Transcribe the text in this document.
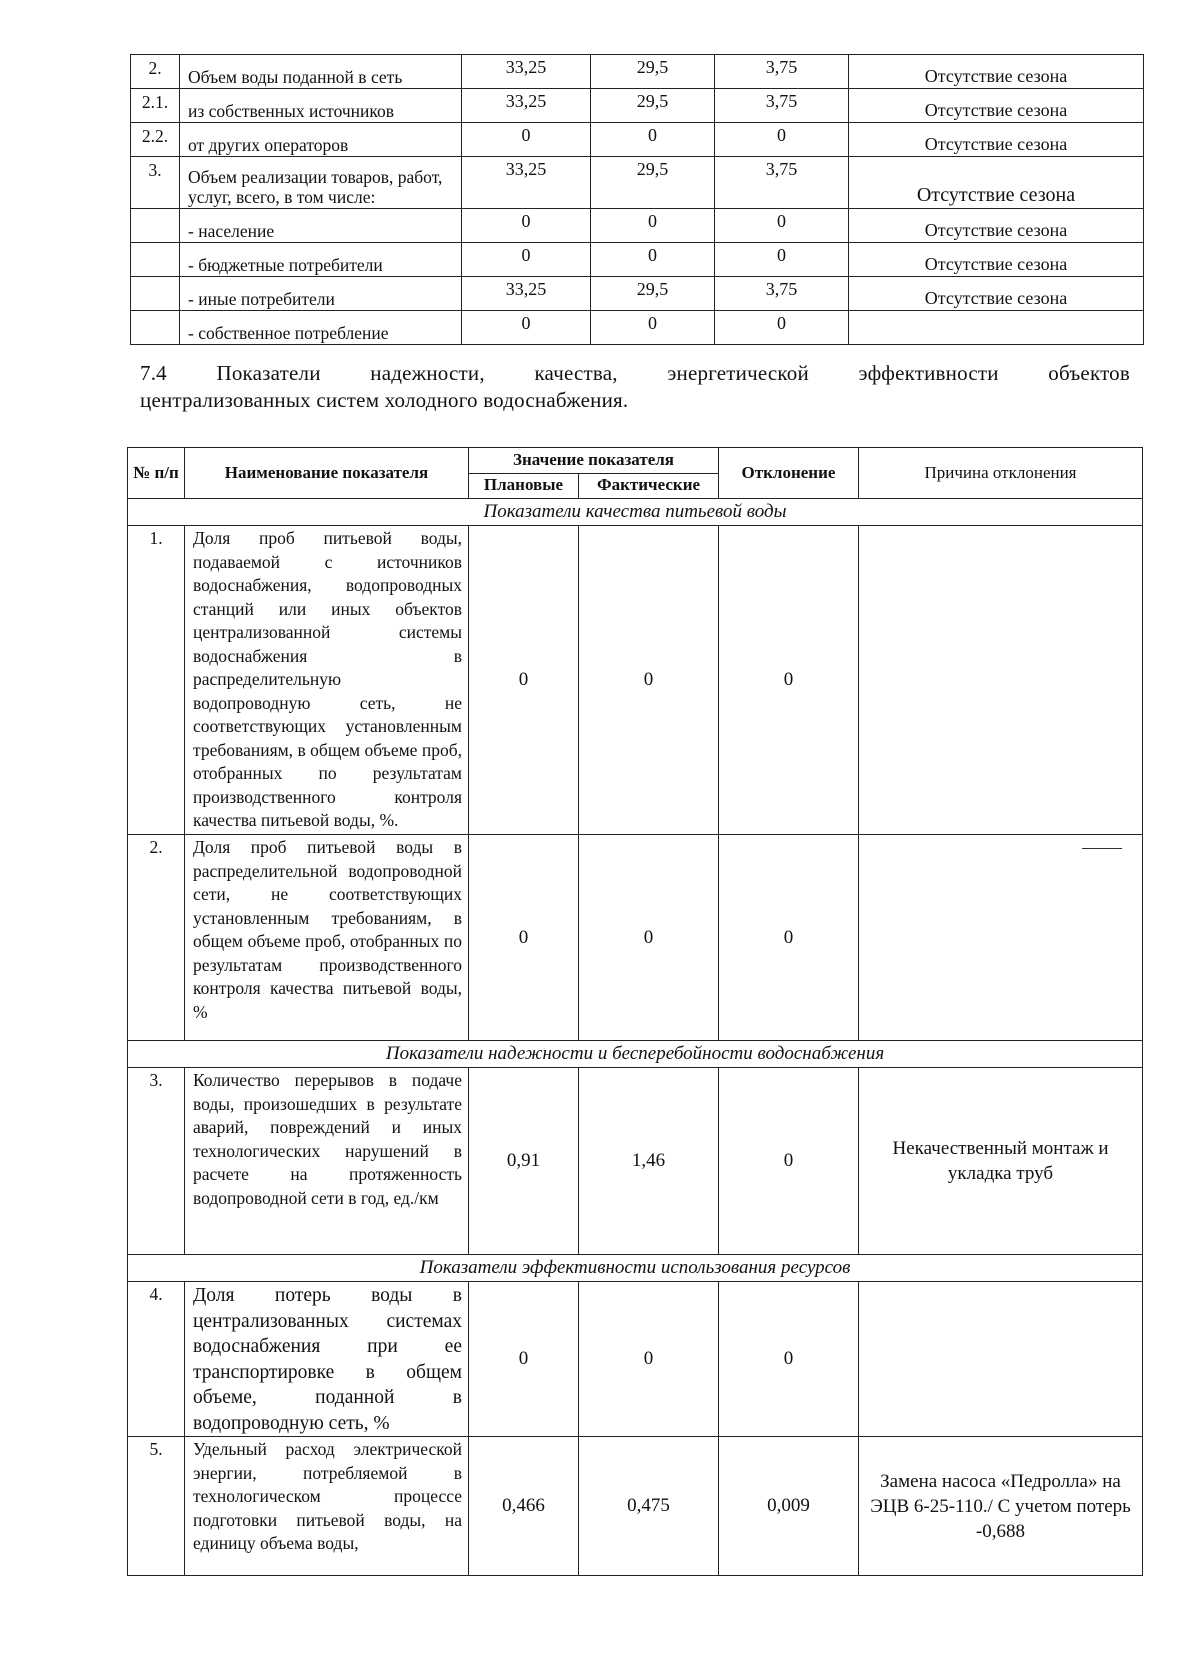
2.	Объем воды поданной в сеть	33,25	29,5	3,75	Отсутствие сезона
2.1.	из собственных источников	33,25	29,5	3,75	Отсутствие сезона
2.2.	от других операторов	0	0	0	Отсутствие сезона
3.	Объем реализации товаров, работ, услуг, всего, в том числе:	33,25	29,5	3,75	Отсутствие сезона
	- население	0	0	0	Отсутствие сезона
	- бюджетные потребители	0	0	0	Отсутствие сезона
	- иные потребители	33,25	29,5	3,75	Отсутствие сезона
	- собственное потребление	0	0	0	
7.4 Показатели надежности, качества, энергетической эффективности объектов
централизованных систем холодного водоснабжения.
№ п/п	Наименование показателя	Значение показателя		Отклонение	Причина отклонения
		Плановые	Фактические		
Показатели качества питьевой воды					
1.	Доля проб питьевой воды, подаваемой с источников водоснабжения, водопроводных станций или иных объектов централизованной системы водоснабжения в распределительную водопроводную сеть, не соответствующих установленным требованиям, в общем объеме проб, отобранных по результатам производственного контроля качества питьевой воды, %.	0	0	0	
2.	Доля проб питьевой воды в распределительной водопроводной сети, не соответствующих установленным требованиям, в общем объеме проб, отобранных по результатам производственного контроля качества питьевой воды, %	0	0	0	
Показатели надежности и бесперебойности водоснабжения					
3.	Количество перерывов в подаче воды, произошедших в результате аварий, повреждений и иных технологических нарушений в расчете на протяженность водопроводной сети в год, ед./км	0,91	1,46	0	Некачественный монтаж и укладка труб
Показатели эффективности использования ресурсов					
4.	Доля потерь воды в централизованных системах водоснабжения при ее транспортировке в общем объеме, поданной в водопроводную сеть, %	0	0	0	
5.	Удельный расход электрической энергии, потребляемой в технологическом процессе подготовки питьевой воды, на единицу объема воды,	0,466	0,475	0,009	Замена насоса «Педролла» на ЭЦВ 6-25-110./ С учетом потерь -0,688
